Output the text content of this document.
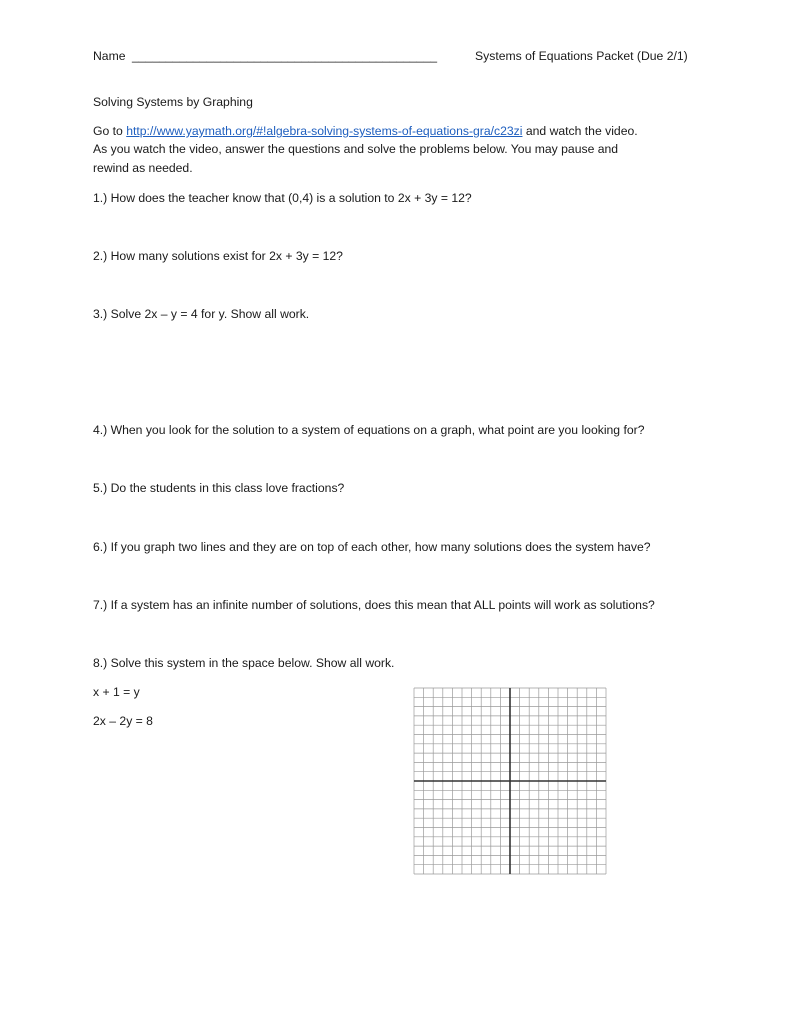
Name _____________________________________________	Systems of Equations Packet (Due 2/1)
Solving Systems by Graphing
Go to http://www.yaymath.org/#!algebra-solving-systems-of-equations-gra/c23zi and watch the video.
As you watch the video, answer the questions and solve the problems below. You may pause and
rewind as needed.
1.) How does the teacher know that (0,4) is a solution to 2x + 3y = 12?
2.) How many solutions exist for 2x + 3y = 12?
3.) Solve 2x – y = 4 for y. Show all work.
4.) When you look for the solution to a system of equations on a graph, what point are you looking for?
5.) Do the students in this class love fractions?
6.) If you graph two lines and they are on top of each other, how many solutions does the system have?
7.) If a system has an infinite number of solutions, does this mean that ALL points will work as solutions?
8.) Solve this system in the space below. Show all work.
x + 1 = y
2x – 2y = 8
